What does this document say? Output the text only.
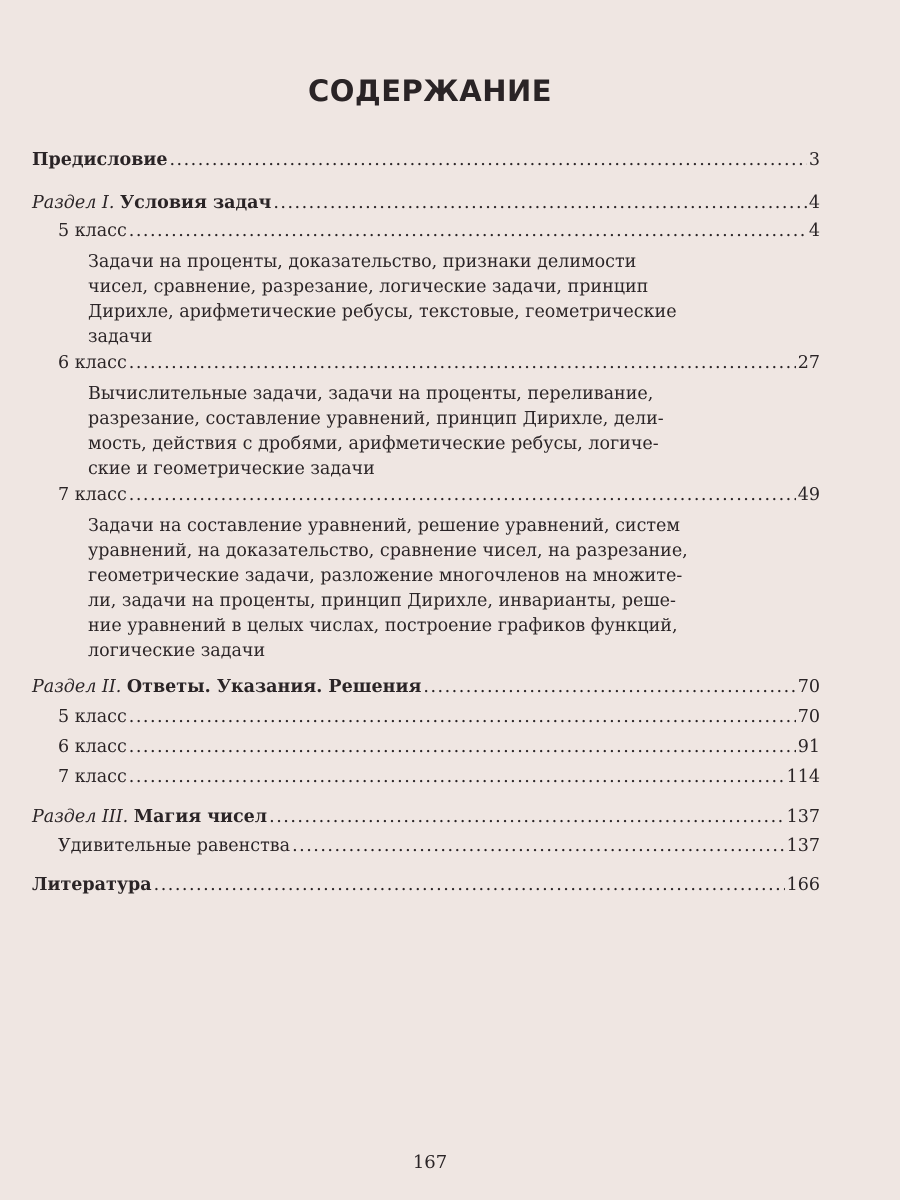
СОДЕРЖАНИЕ
Предисловие .....	3
Раздел I. Условия задач .....	4
5 класс .....	4
Задачи на проценты, доказательство, признаки делимости
чисел, сравнение, разрезание, логические задачи, принцип
Дирихле, арифметические ребусы, текстовые, геометрические
задачи
6 класс .....	27
Вычислительные задачи, задачи на проценты, переливание,
разрезание, составление уравнений, принцип Дирихле, дели-
мость, действия с дробями, арифметические ребусы, логиче-
ские и геометрические задачи
7 класс .....	49
Задачи на составление уравнений, решение уравнений, систем
уравнений, на доказательство, сравнение чисел, на разрезание,
геометрические задачи, разложение многочленов на множите-
ли, задачи на проценты, принцип Дирихле, инварианты, реше-
ние уравнений в целых числах, построение графиков функций,
логические задачи
Раздел II. Ответы. Указания. Решения .....	70
5 класс .....	70
6 класс .....	91
7 класс .....	114
Раздел III. Магия чисел .....	137
Удивительные равенства .....	137
Литература .....	166
167
